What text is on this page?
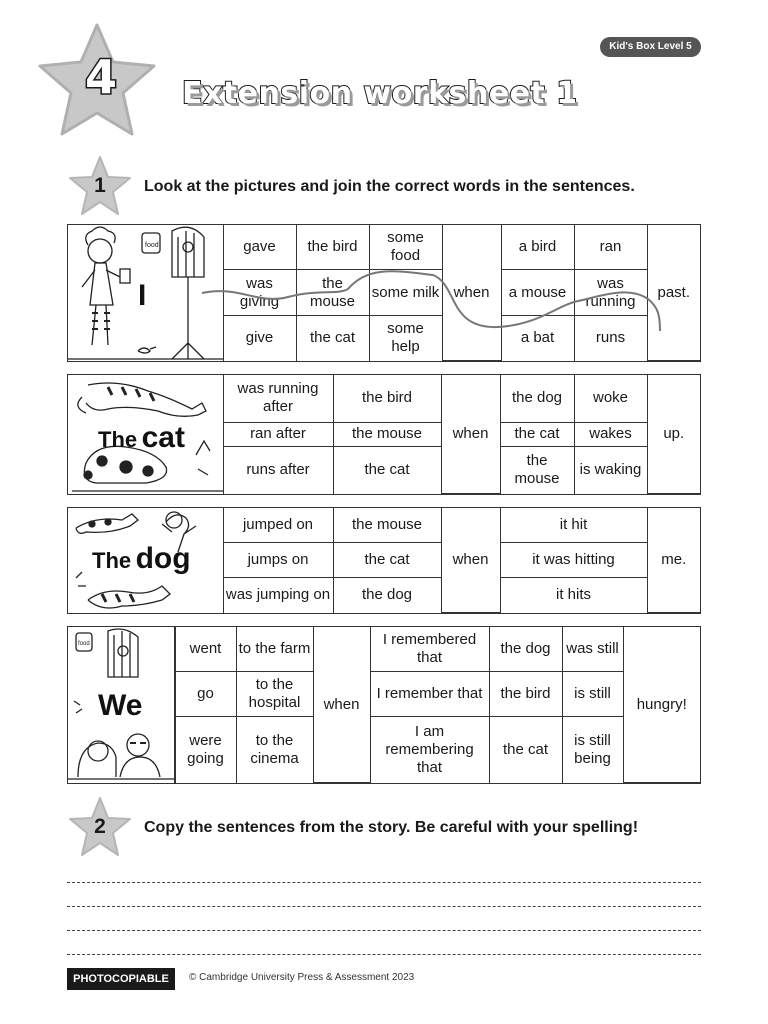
Kid's Box Level 5
4	Extension worksheet 1
1	Look at the pictures and join the correct words in the sentences.
food
I
gave	the bird	some food	when	a bird	ran	past.
was giving	the mouse	some milk		a mouse	was running	
give	the cat	some help		a bat	runs	
The cat
was running after	the bird	when	the dog	woke	up.
ran after	the mouse		the cat	wakes	
runs after	the cat		the mouse	is waking	
The dog
jumped on	the mouse	when	it hit	me.
jumps on	the cat		it was hitting	
was jumping on	the dog		it hits	
food
We
went	to the farm	when	I remembered that	the dog	was still	hungry!
go	to the hospital		I remember that	the bird	is still	
were going	to the cinema		I am remembering that	the cat	is still being	
2	Copy the sentences from the story. Be careful with your spelling!
PHOTOCOPIABLE	© Cambridge University Press & Assessment 2023
